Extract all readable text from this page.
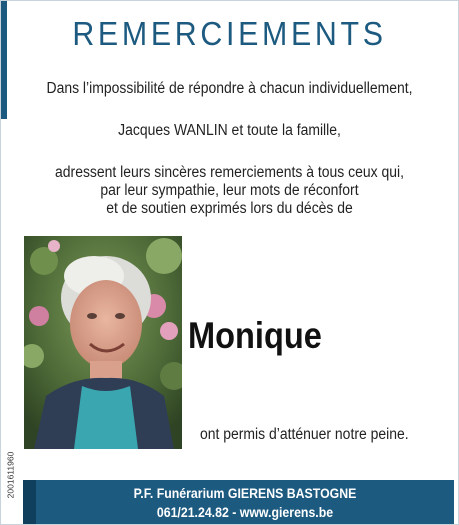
REMERCIEMENTS
Dans l’impossibilité de répondre à chacun individuellement,
Jacques WANLIN et toute la famille,
adressent leurs sincères remerciements à tous ceux qui,
par leur sympathie, leur mots de réconfort
et de soutien exprimés lors du décès de
Monique
ont permis d’atténuer notre peine.
2001611960	P.F. Funérarium GIERENS BASTOGNE
061/21.24.82 - www.gierens.be
